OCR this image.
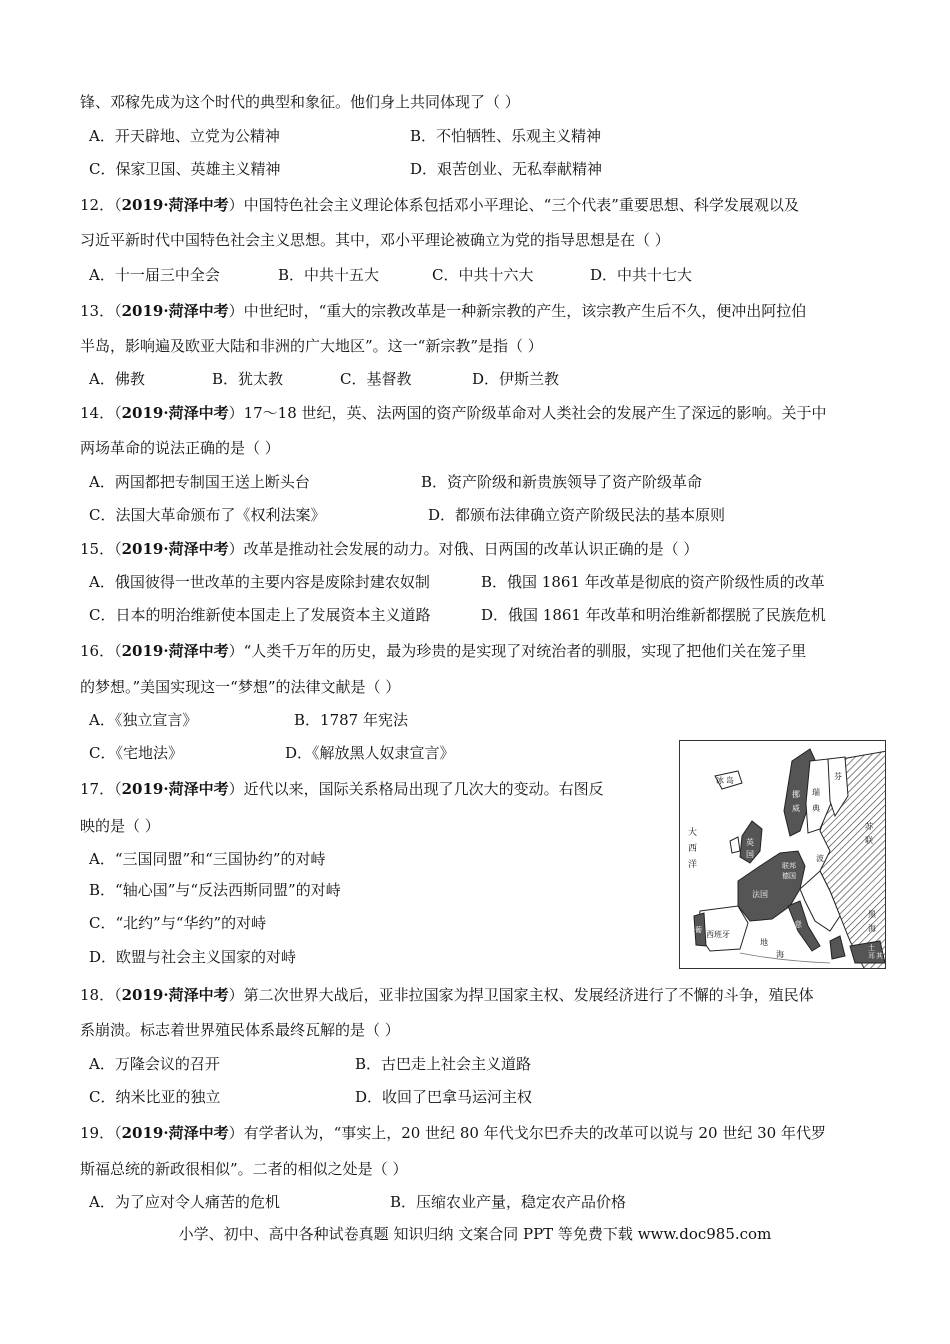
锋、邓稼先成为这个时代的典型和象征。他们身上共同体现了（ ）
A．开天辟地、立党为公精神	B．不怕牺牲、乐观主义精神
C．保家卫国、英雄主义精神	D．艰苦创业、无私奉献精神
12．（2019·菏泽中考）中国特色社会主义理论体系包括邓小平理论、“三个代表”重要思想、科学发展观以及
习近平新时代中国特色社会主义思想。其中，邓小平理论被确立为党的指导思想是在（ ）
A．十一届三中全会	B．中共十五大	C．中共十六大	D．中共十七大
13．（2019·菏泽中考）中世纪时，“重大的宗教改革是一种新宗教的产生，该宗教产生后不久，便冲出阿拉伯
半岛，影响遍及欧亚大陆和非洲的广大地区”。这一“新宗教”是指（ ）
A．佛教	B．犹太教	C．基督教	D．伊斯兰教
14．（2019·菏泽中考）17～18 世纪，英、法两国的资产阶级革命对人类社会的发展产生了深远的影响。关于中
两场革命的说法正确的是（ ）
A．两国都把专制国王送上断头台	B．资产阶级和新贵族领导了资产阶级革命
C．法国大革命颁布了《权利法案》	D．都颁布法律确立资产阶级民法的基本原则
15．（2019·菏泽中考）改革是推动社会发展的动力。对俄、日两国的改革认识正确的是（ ）
A．俄国彼得一世改革的主要内容是废除封建农奴制	B．俄国 1861 年改革是彻底的资产阶级性质的改革
C．日本的明治维新使本国走上了发展资本主义道路	D．俄国 1861 年改革和明治维新都摆脱了民族危机
16．（2019·菏泽中考）“人类千万年的历史，最为珍贵的是实现了对统治者的驯服，实现了把他们关在笼子里
的梦想。”美国实现这一“梦想”的法律文献是（ ）
A．《独立宣言》	B．1787 年宪法
C．《宅地法》	D．《解放黑人奴隶宣言》
17．（2019·菏泽中考）近代以来，国际关系格局出现了几次大的变动。右图反
映的是（ ）
A．“三国同盟”和“三国协约”的对峙
B．“轴心国”与“反法西斯同盟”的对峙
C．“北约”与“华约”的对峙
D．欧盟与社会主义国家的对峙
大
西
洋
冰 岛
挪
威
瑞
典
芬
苏
联
英
国
法国
西班牙
葡
意
地
海
黑
海
土
耳 其
联邦
德国
波
18．（2019·菏泽中考）第二次世界大战后，亚非拉国家为捍卫国家主权、发展经济进行了不懈的斗争，殖民体
系崩溃。标志着世界殖民体系最终瓦解的是（ ）
A．万隆会议的召开	B．古巴走上社会主义道路
C．纳米比亚的独立	D．收回了巴拿马运河主权
19．（2019·菏泽中考）有学者认为，“事实上，20 世纪 80 年代戈尔巴乔夫的改革可以说与 20 世纪 30 年代罗
斯福总统的新政很相似”。二者的相似之处是（ ）
A．为了应对令人痛苦的危机	B．压缩农业产量，稳定农产品价格
小学、初中、高中各种试卷真题 知识归纳 文案合同 PPT 等免费下载 www.doc985.com
